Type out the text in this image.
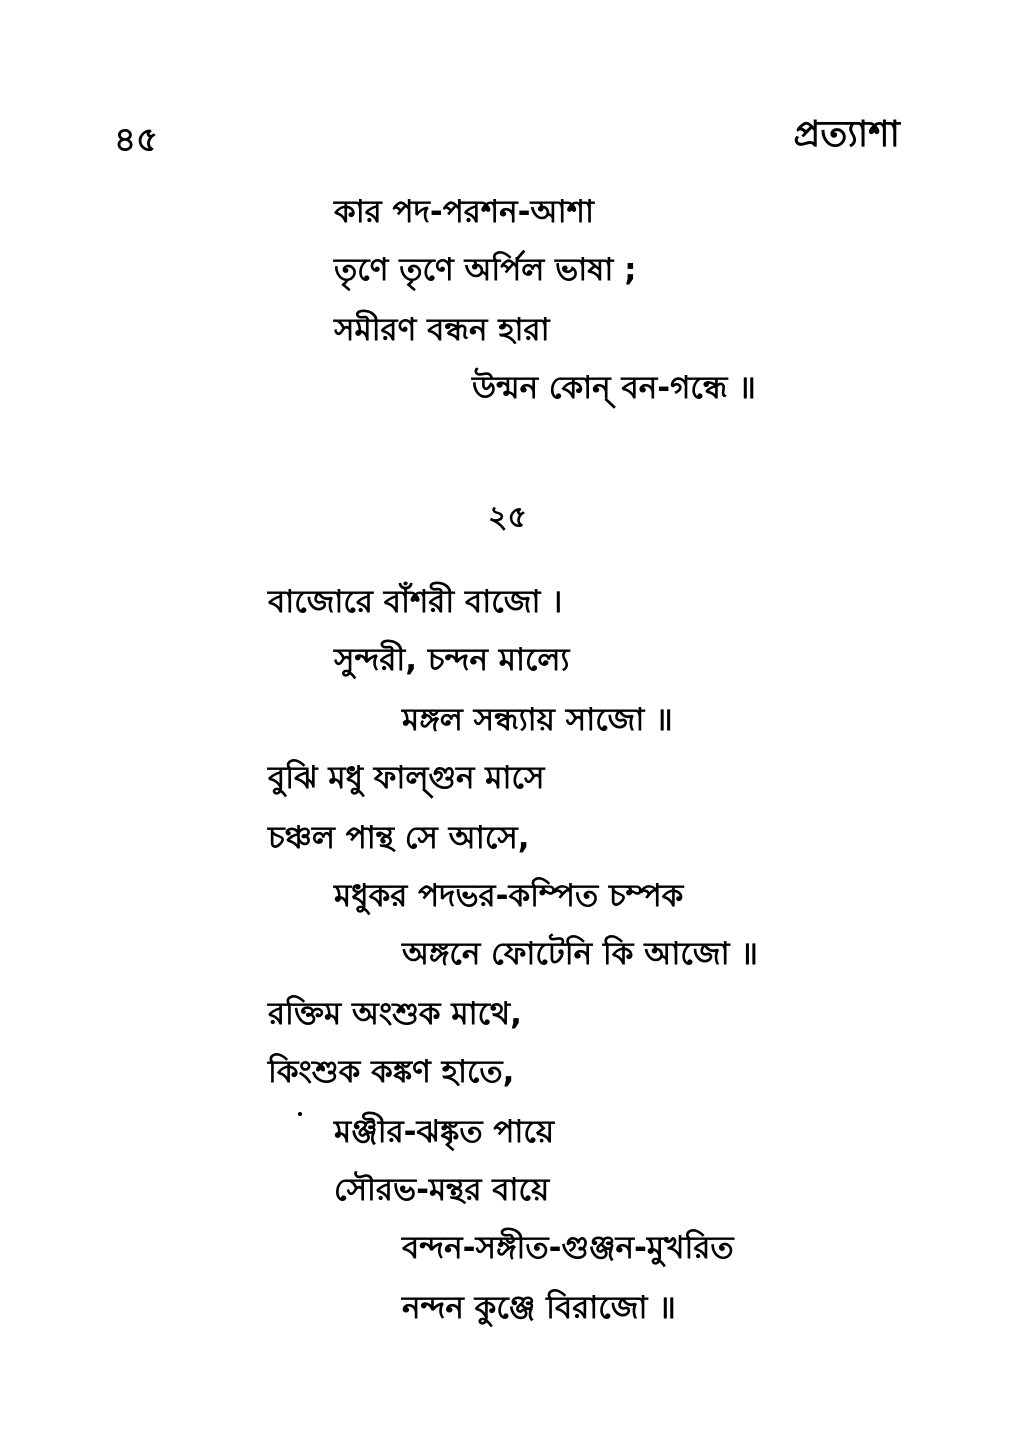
৪৫	প্রত্যাশা
কার পদ-পরশন-আশা
তৃণে তৃণে অর্পিল ভাষা ;
সমীরণ বন্ধন হারা
উন্মন কোন্ বন-গন্ধে ॥
২৫
বাজোরে বাঁশরী বাজো ।
সুন্দরী, চন্দন মাল্যে
মঙ্গল সন্ধ্যায় সাজো ॥
বুঝি মধু ফাল্গুন মাসে
চঞ্চল পান্থ সে আসে,
মধুকর পদভর-কম্পিত চম্পক
অঙ্গনে ফোটেনি কি আজো ॥
রক্তিম অংশুক মাথে,
কিংশুক কঙ্কণ হাতে,
মঞ্জীর-ঝঙ্কৃত পায়ে
সৌরভ-মন্থর বায়ে
বন্দন-সঙ্গীত-গুঞ্জন-মুখরিত
নন্দন কুঞ্জে বিরাজো ॥
